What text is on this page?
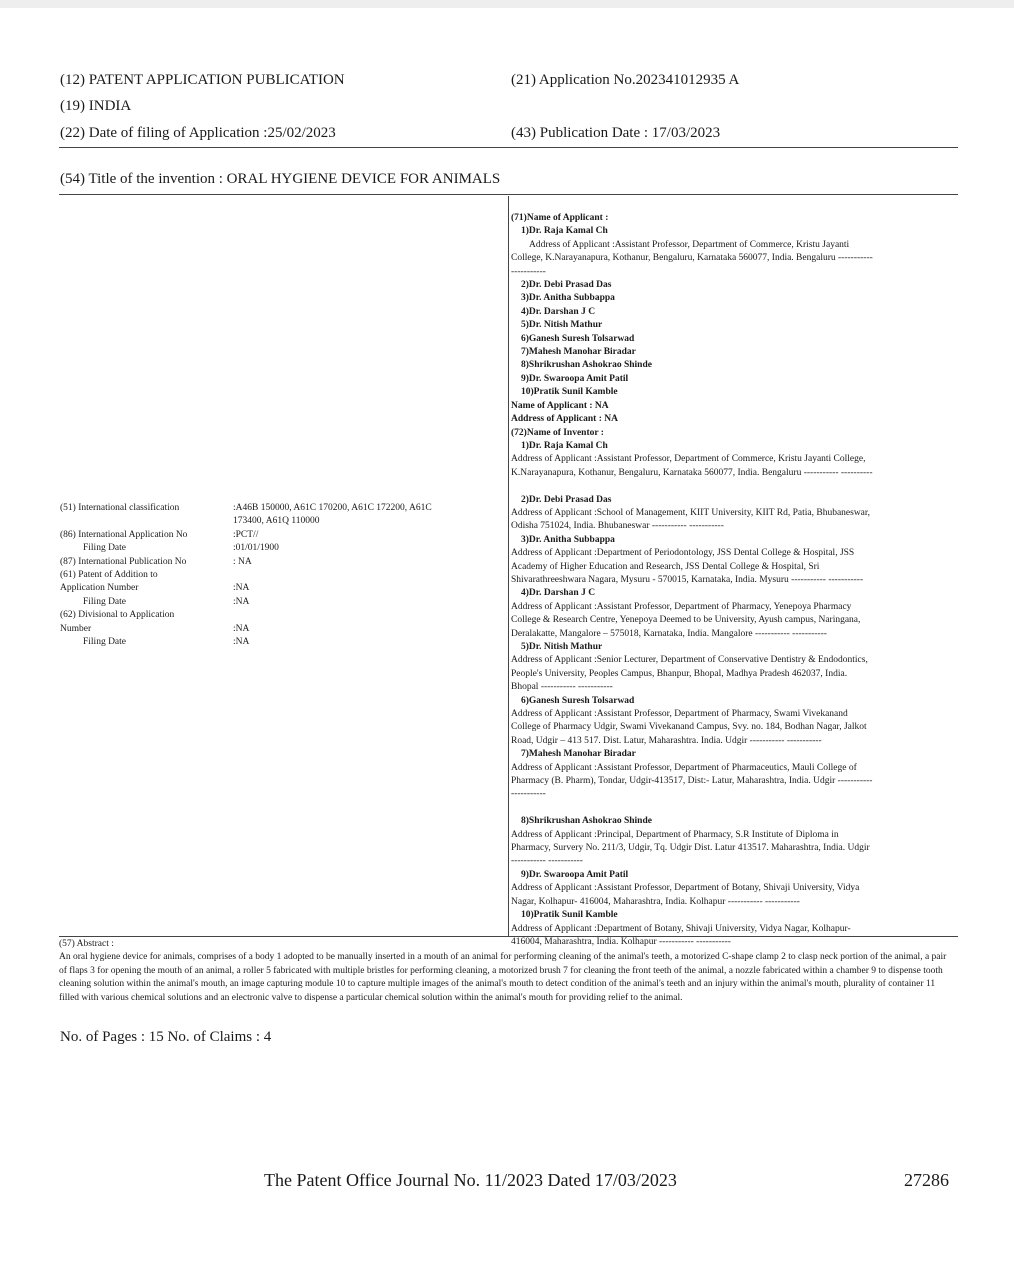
(12) PATENT APPLICATION PUBLICATION	(21) Application No.202341012935 A
(19) INDIA
(22) Date of filing of Application :25/02/2023	(43) Publication Date : 17/03/2023
(54) Title of the invention : ORAL HYGIENE DEVICE FOR ANIMALS
(71)Name of Applicant :
1)Dr. Raja Kamal Ch
Address of Applicant :Assistant Professor, Department of Commerce, Kristu Jayanti
College, K.Narayanapura, Kothanur, Bengaluru, Karnataka 560077, India. Bengaluru -----------
-----------
2)Dr. Debi Prasad Das
3)Dr. Anitha Subbappa
4)Dr. Darshan J C
5)Dr. Nitish Mathur
6)Ganesh Suresh Tolsarwad
7)Mahesh Manohar Biradar
8)Shrikrushan Ashokrao Shinde
9)Dr. Swaroopa Amit Patil
10)Pratik Sunil Kamble
Name of Applicant : NA
Address of Applicant : NA
(72)Name of Inventor :
1)Dr. Raja Kamal Ch
Address of Applicant :Assistant Professor, Department of Commerce, Kristu Jayanti College,
K.Narayanapura, Kothanur, Bengaluru, Karnataka 560077, India. Bengaluru ----------- ----------
2)Dr. Debi Prasad Das
Address of Applicant :School of Management, KIIT University, KIIT Rd, Patia, Bhubaneswar,
Odisha 751024, India. Bhubaneswar ----------- -----------
3)Dr. Anitha Subbappa
Address of Applicant :Department of Periodontology, JSS Dental College & Hospital, JSS
Academy of Higher Education and Research, JSS Dental College & Hospital, Sri
Shivarathreeshwara Nagara, Mysuru - 570015, Karnataka, India. Mysuru ----------- -----------
4)Dr. Darshan J C
Address of Applicant :Assistant Professor, Department of Pharmacy, Yenepoya Pharmacy
College & Research Centre, Yenepoya Deemed to be University, Ayush campus, Naringana,
Deralakatte, Mangalore – 575018, Karnataka, India. Mangalore ----------- -----------
5)Dr. Nitish Mathur
Address of Applicant :Senior Lecturer, Department of Conservative Dentistry & Endodontics,
People's University, Peoples Campus, Bhanpur, Bhopal, Madhya Pradesh 462037, India.
Bhopal ----------- -----------
6)Ganesh Suresh Tolsarwad
Address of Applicant :Assistant Professor, Department of Pharmacy, Swami Vivekanand
College of Pharmacy Udgir, Swami Vivekanand Campus, Svy. no. 184, Bodhan Nagar, Jalkot
Road, Udgir – 413 517. Dist. Latur, Maharashtra. India. Udgir ----------- -----------
7)Mahesh Manohar Biradar
Address of Applicant :Assistant Professor, Department of Pharmaceutics, Mauli College of
Pharmacy (B. Pharm), Tondar, Udgir-413517, Dist:- Latur, Maharashtra, India. Udgir -----------
-----------
8)Shrikrushan Ashokrao Shinde
Address of Applicant :Principal, Department of Pharmacy, S.R Institute of Diploma in
Pharmacy, Survery No. 211/3, Udgir, Tq. Udgir Dist. Latur 413517. Maharashtra, India. Udgir
----------- -----------
9)Dr. Swaroopa Amit Patil
Address of Applicant :Assistant Professor, Department of Botany, Shivaji University, Vidya
Nagar, Kolhapur- 416004, Maharashtra, India. Kolhapur ----------- -----------
10)Pratik Sunil Kamble
Address of Applicant :Department of Botany, Shivaji University, Vidya Nagar, Kolhapur-
416004, Maharashtra, India. Kolhapur ----------- -----------
(51) International classification	:A46B 150000, A61C 170200, A61C 172200, A61C
173400, A61Q 110000
(86) International Application No	:PCT//
Filing Date	:01/01/1900
(87) International Publication No	: NA
(61) Patent of Addition to
Application Number	:NA
Filing Date	:NA
(62) Divisional to Application
Number	:NA
Filing Date	:NA
(57) Abstract :
An oral hygiene device for animals, comprises of a body 1 adopted to be manually inserted in a mouth of an animal for performing cleaning of the animal's teeth, a motorized C-shape clamp 2 to clasp neck portion of the animal, a pair of flaps 3 for opening the mouth of an animal, a roller 5 fabricated with multiple bristles for performing cleaning, a motorized brush 7 for cleaning the front teeth of the animal, a nozzle fabricated within a chamber 9 to dispense tooth cleaning solution within the animal's mouth, an image capturing module 10 to capture multiple images of the animal's mouth to detect condition of the animal's teeth and an injury within the animal's mouth, plurality of container 11 filled with various chemical solutions and an electronic valve to dispense a particular chemical solution within the animal's mouth for providing relief to the animal.
No. of Pages : 15 No. of Claims : 4
The Patent Office Journal No. 11/2023 Dated 17/03/2023	27286
